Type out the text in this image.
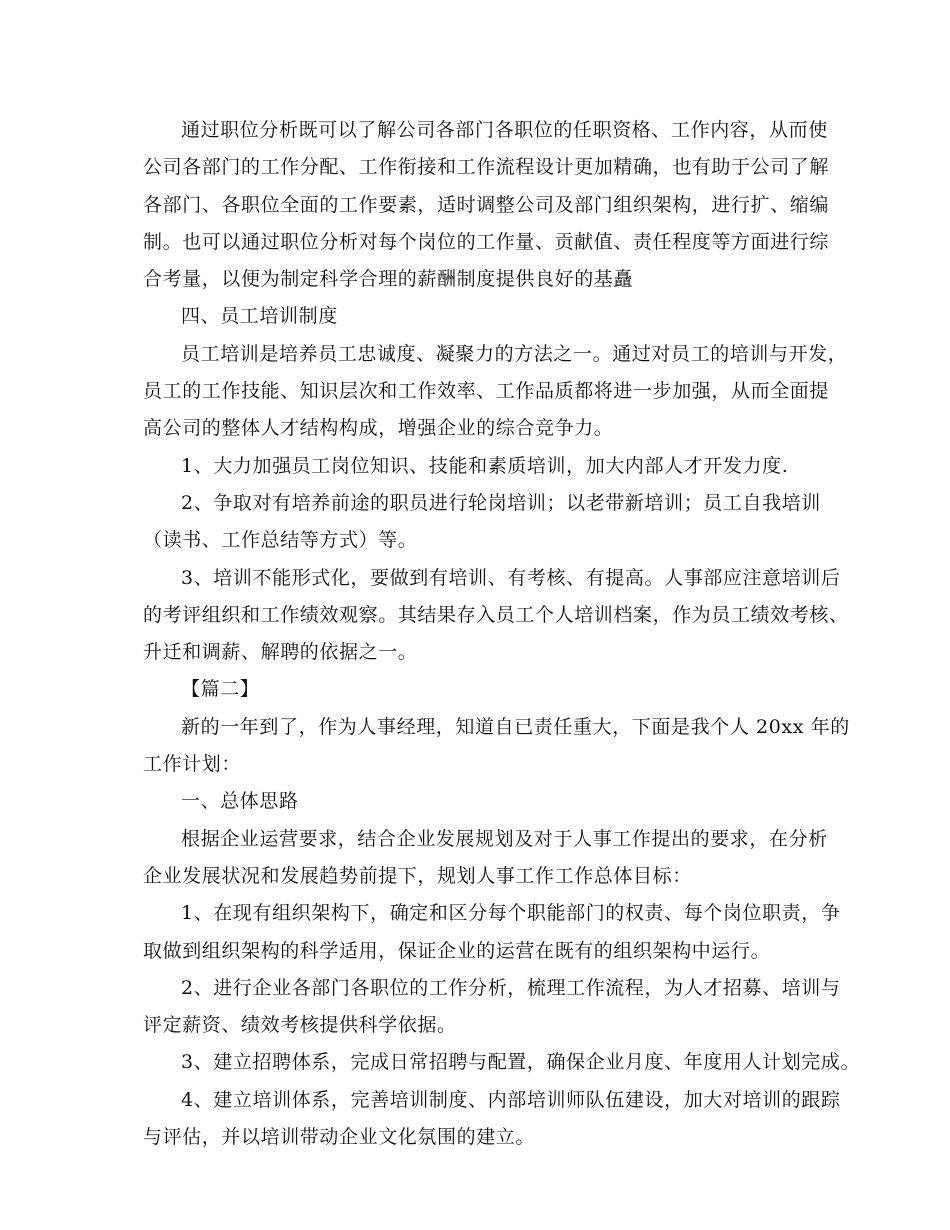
通过职位分析既可以了解公司各部门各职位的任职资格、工作内容，从而使
公司各部门的工作分配、工作衔接和工作流程设计更加精确，也有助于公司了解
各部门、各职位全面的工作要素，适时调整公司及部门组织架构，进行扩、缩编
制。也可以通过职位分析对每个岗位的工作量、贡献值、责任程度等方面进行综
合考量，以便为制定科学合理的薪酬制度提供良好的基矗
四、员工培训制度
员工培训是培养员工忠诚度、凝聚力的方法之一。通过对员工的培训与开发，
员工的工作技能、知识层次和工作效率、工作品质都将进一步加强，从而全面提
高公司的整体人才结构构成，增强企业的综合竞争力。
1、大力加强员工岗位知识、技能和素质培训，加大内部人才开发力度.
2、争取对有培养前途的职员进行轮岗培训；以老带新培训；员工自我培训
（读书、工作总结等方式）等。
3、培训不能形式化，要做到有培训、有考核、有提高。人事部应注意培训后
的考评组织和工作绩效观察。其结果存入员工个人培训档案，作为员工绩效考核、
升迁和调薪、解聘的依据之一。
【篇二】
新的一年到了，作为人事经理，知道自已责任重大，下面是我个人 20xx 年的
工作计划：
一、总体思路
根据企业运营要求，结合企业发展规划及对于人事工作提出的要求，在分析
企业发展状况和发展趋势前提下，规划人事工作工作总体目标：
1、在现有组织架构下，确定和区分每个职能部门的权责、每个岗位职责，争
取做到组织架构的科学适用，保证企业的运营在既有的组织架构中运行。
2、进行企业各部门各职位的工作分析，梳理工作流程，为人才招募、培训与
评定薪资、绩效考核提供科学依据。
3、建立招聘体系，完成日常招聘与配置，确保企业月度、年度用人计划完成。
4、建立培训体系，完善培训制度、内部培训师队伍建设，加大对培训的跟踪
与评估，并以培训带动企业文化氛围的建立。
